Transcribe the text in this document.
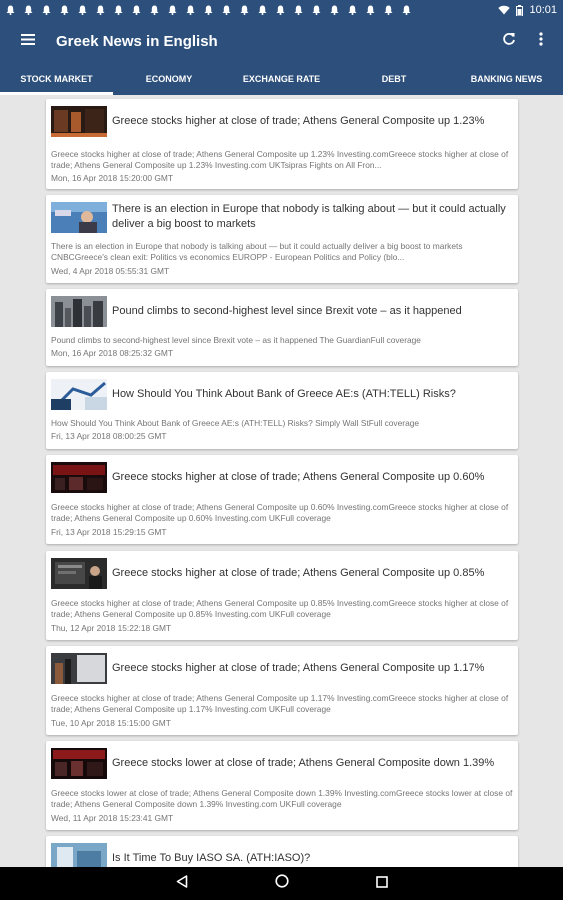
10:01
Greek News in English
STOCK MARKET	ECONOMY	EXCHANGE RATE	DEBT	BANKING NEWS
Greece stocks higher at close of trade; Athens General Composite up 1.23%
Greece stocks higher at close of trade; Athens General Composite up 1.23% Investing.comGreece stocks higher at close of trade; Athens General Composite up 1.23% Investing.com UKTsipras Fights on All Fron...
Mon, 16 Apr 2018 15:20:00 GMT
There is an election in Europe that nobody is talking about — but it could actually deliver a big boost to markets
There is an election in Europe that nobody is talking about — but it could actually deliver a big boost to markets CNBCGreece's clean exit: Politics vs economics EUROPP - European Politics and Policy (blo...
Wed, 4 Apr 2018 05:55:31 GMT
Pound climbs to second-highest level since Brexit vote – as it happened
Pound climbs to second-highest level since Brexit vote – as it happened The GuardianFull coverage
Mon, 16 Apr 2018 08:25:32 GMT
How Should You Think About Bank of Greece AE:s (ATH:TELL) Risks?
How Should You Think About Bank of Greece AE:s (ATH:TELL) Risks? Simply Wall StFull coverage
Fri, 13 Apr 2018 08:00:25 GMT
Greece stocks higher at close of trade; Athens General Composite up 0.60%
Greece stocks higher at close of trade; Athens General Composite up 0.60% Investing.comGreece stocks higher at close of trade; Athens General Composite up 0.60% Investing.com UKFull coverage
Fri, 13 Apr 2018 15:29:15 GMT
Greece stocks higher at close of trade; Athens General Composite up 0.85%
Greece stocks higher at close of trade; Athens General Composite up 0.85% Investing.comGreece stocks higher at close of trade; Athens General Composite up 0.85% Investing.com UKFull coverage
Thu, 12 Apr 2018 15:22:18 GMT
Greece stocks higher at close of trade; Athens General Composite up 1.17%
Greece stocks higher at close of trade; Athens General Composite up 1.17% Investing.comGreece stocks higher at close of trade; Athens General Composite up 1.17% Investing.com UKFull coverage
Tue, 10 Apr 2018 15:15:00 GMT
Greece stocks lower at close of trade; Athens General Composite down 1.39%
Greece stocks lower at close of trade; Athens General Composite down 1.39% Investing.comGreece stocks lower at close of trade; Athens General Composite down 1.39% Investing.com UKFull coverage
Wed, 11 Apr 2018 15:23:41 GMT
Is It Time To Buy IASO SA. (ATH:IASO)?
